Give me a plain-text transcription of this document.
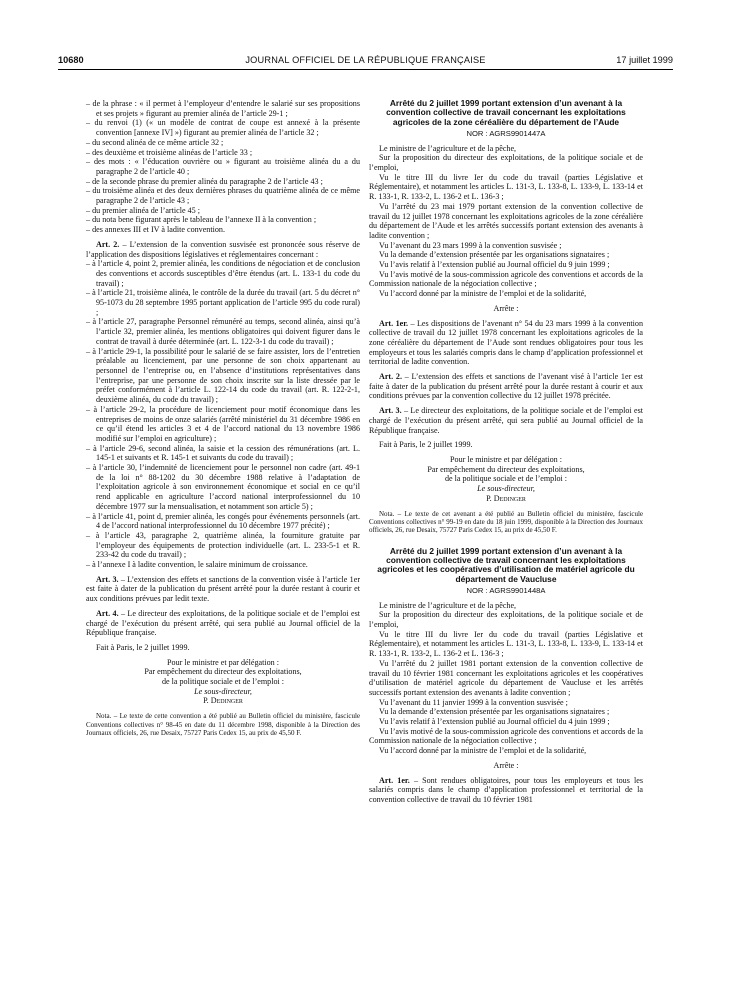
10680	JOURNAL OFFICIEL DE LA RÉPUBLIQUE FRANÇAISE	17 juillet 1999

– de la phrase : « il permet à l’employeur d’entendre le salarié sur ses propositions et ses projets » figurant au premier alinéa de l’article 29-1 ;

– du renvoi (1) (« un modèle de contrat de coupe est annexé à la présente convention [annexe IV] ») figurant au premier alinéa de l’article 32 ;

– du second alinéa de ce même article 32 ;

– des deuxième et troisième alinéas de l’article 33 ;

– des mots : « l’éducation ouvrière ou » figurant au troisième alinéa du a du paragraphe 2 de l’article 40 ;

– de la seconde phrase du premier alinéa du paragraphe 2 de l’article 43 ;

– du troisième alinéa et des deux dernières phrases du quatrième alinéa de ce même paragraphe 2 de l’article 43 ;

– du premier alinéa de l’article 45 ;

– du nota bene figurant après le tableau de l’annexe II à la convention ;

– des annexes III et IV à ladite convention.

Art. 2. – L’extension de la convention susvisée est prononcée sous réserve de l’application des dispositions législatives et réglementaires concernant :

– à l’article 4, point 2, premier alinéa, les conditions de négociation et de conclusion des conventions et accords susceptibles d’être étendus (art. L. 133-1 du code du travail) ;

– à l’article 21, troisième alinéa, le contrôle de la durée du travail (art. 5 du décret n° 95-1073 du 28 septembre 1995 portant application de l’article 995 du code rural) ;

– à l’article 27, paragraphe Personnel rémunéré au temps, second alinéa, ainsi qu’à l’article 32, premier alinéa, les mentions obligatoires qui doivent figurer dans le contrat de travail à durée déterminée (art. L. 122-3-1 du code du travail) ;

– à l’article 29-1, la possibilité pour le salarié de se faire assister, lors de l’entretien préalable au licenciement, par une personne de son choix appartenant au personnel de l’entreprise ou, en l’absence d’institutions représentatives dans l’entreprise, par une personne de son choix inscrite sur la liste dressée par le préfet conformément à l’article L. 122-14 du code du travail (art. R. 122-2-1, deuxième alinéa, du code du travail) ;

– à l’article 29-2, la procédure de licenciement pour motif économique dans les entreprises de moins de onze salariés (arrêté ministériel du 31 décembre 1986 en ce qu’il étend les articles 3 et 4 de l’accord national du 13 novembre 1986 modifié sur l’emploi en agriculture) ;

– à l’article 29-6, second alinéa, la saisie et la cession des rémunérations (art. L. 145-1 et suivants et R. 145-1 et suivants du code du travail) ;

– à l’article 30, l’indemnité de licenciement pour le personnel non cadre (art. 49-1 de la loi n° 88-1202 du 30 décembre 1988 relative à l’adaptation de l’exploitation agricole à son environnement économique et social en ce qu’il rend applicable en agriculture l’accord national interprofessionnel du 10 décembre 1977 sur la mensualisation, et notamment son article 5) ;

– à l’article 41, point d, premier alinéa, les congés pour événements personnels (art. 4 de l’accord national interprofessionnel du 10 décembre 1977 précité) ;

– à l’article 43, paragraphe 2, quatrième alinéa, la fourniture gratuite par l’employeur des équipements de protection individuelle (art. L. 233-5-1 et R. 233-42 du code du travail) ;

– à l’annexe I à ladite convention, le salaire minimum de croissance.

Art. 3. – L’extension des effets et sanctions de la convention visée à l’article 1er est faite à dater de la publication du présent arrêté pour la durée restant à courir et aux conditions prévues par ledit texte.

Art. 4. – Le directeur des exploitations, de la politique sociale et de l’emploi est chargé de l’exécution du présent arrêté, qui sera publié au Journal officiel de la République française.

Fait à Paris, le 2 juillet 1999.

Pour le ministre et par délégation :

Par empêchement du directeur des exploitations,

de la politique sociale et de l’emploi :

Le sous-directeur,

P. Dedinger

Nota. – Le texte de cette convention a été publié au Bulletin officiel du ministère, fascicule Conventions collectives n° 98-45 en date du 11 décembre 1998, disponible à la Direction des Journaux officiels, 26, rue Desaix, 75727 Paris Cedex 15, au prix de 45,50 F.

Arrêté du 2 juillet 1999 portant extension d’un avenant à la convention collective de travail concernant les exploitations agricoles de la zone céréalière du département de l’Aude

NOR : AGRS9901447A

Le ministre de l’agriculture et de la pêche,

Sur la proposition du directeur des exploitations, de la politique sociale et de l’emploi,

Vu le titre III du livre Ier du code du travail (parties Législative et Réglementaire), et notamment les articles L. 131-3, L. 133-8, L. 133-9, L. 133-14 et R. 133-1, R. 133-2, L. 136-2 et L. 136-3 ;

Vu l’arrêté du 23 mai 1979 portant extension de la convention collective de travail du 12 juillet 1978 concernant les exploitations agricoles de la zone céréalière du département de l’Aude et les arrêtés successifs portant extension des avenants à ladite convention ;

Vu l’avenant du 23 mars 1999 à la convention susvisée ;

Vu la demande d’extension présentée par les organisations signataires ;

Vu l’avis relatif à l’extension publié au Journal officiel du 9 juin 1999 ;

Vu l’avis motivé de la sous-commission agricole des conventions et accords de la Commission nationale de la négociation collective ;

Vu l’accord donné par la ministre de l’emploi et de la solidarité,

Arrête :

Art. 1er. – Les dispositions de l’avenant n° 54 du 23 mars 1999 à la convention collective de travail du 12 juillet 1978 concernant les exploitations agricoles de la zone céréalière du département de l’Aude sont rendues obligatoires pour tous les employeurs et tous les salariés compris dans le champ d’application professionnel et territorial de ladite convention.

Art. 2. – L’extension des effets et sanctions de l’avenant visé à l’article 1er est faite à dater de la publication du présent arrêté pour la durée restant à courir et aux conditions prévues par la convention collective du 12 juillet 1978 précitée.

Art. 3. – Le directeur des exploitations, de la politique sociale et de l’emploi est chargé de l’exécution du présent arrêté, qui sera publié au Journal officiel de la République française.

Fait à Paris, le 2 juillet 1999.

Pour le ministre et par délégation :

Par empêchement du directeur des exploitations,

de la politique sociale et de l’emploi :

Le sous-directeur,

P. Dedinger

Nota. – Le texte de cet avenant a été publié au Bulletin officiel du ministère, fascicule Conventions collectives n° 99-19 en date du 18 juin 1999, disponible à la Direction des Journaux officiels, 26, rue Desaix, 75727 Paris Cedex 15, au prix de 45,50 F.

Arrêté du 2 juillet 1999 portant extension d’un avenant à la convention collective de travail concernant les exploitations agricoles et les coopératives d’utilisation de matériel agricole du département de Vaucluse

NOR : AGRS9901448A

Le ministre de l’agriculture et de la pêche,

Sur la proposition du directeur des exploitations, de la politique sociale et de l’emploi,

Vu le titre III du livre Ier du code du travail (parties Législative et Réglementaire), et notamment les articles L. 131-3, L. 133-8, L. 133-9, L. 133-14 et R. 133-1, R. 133-2, L. 136-2 et L. 136-3 ;

Vu l’arrêté du 2 juillet 1981 portant extension de la convention collective de travail du 10 février 1981 concernant les exploitations agricoles et les coopératives d’utilisation de matériel agricole du département de Vaucluse et les arrêtés successifs portant extension des avenants à ladite convention ;

Vu l’avenant du 11 janvier 1999 à la convention susvisée ;

Vu la demande d’extension présentée par les organisations signataires ;

Vu l’avis relatif à l’extension publié au Journal officiel du 4 juin 1999 ;

Vu l’avis motivé de la sous-commission agricole des conventions et accords de la Commission nationale de la négociation collective ;

Vu l’accord donné par la ministre de l’emploi et de la solidarité,

Arrête :

Art. 1er. – Sont rendues obligatoires, pour tous les employeurs et tous les salariés compris dans le champ d’application professionnel et territorial de la convention collective de travail du 10 février 1981
